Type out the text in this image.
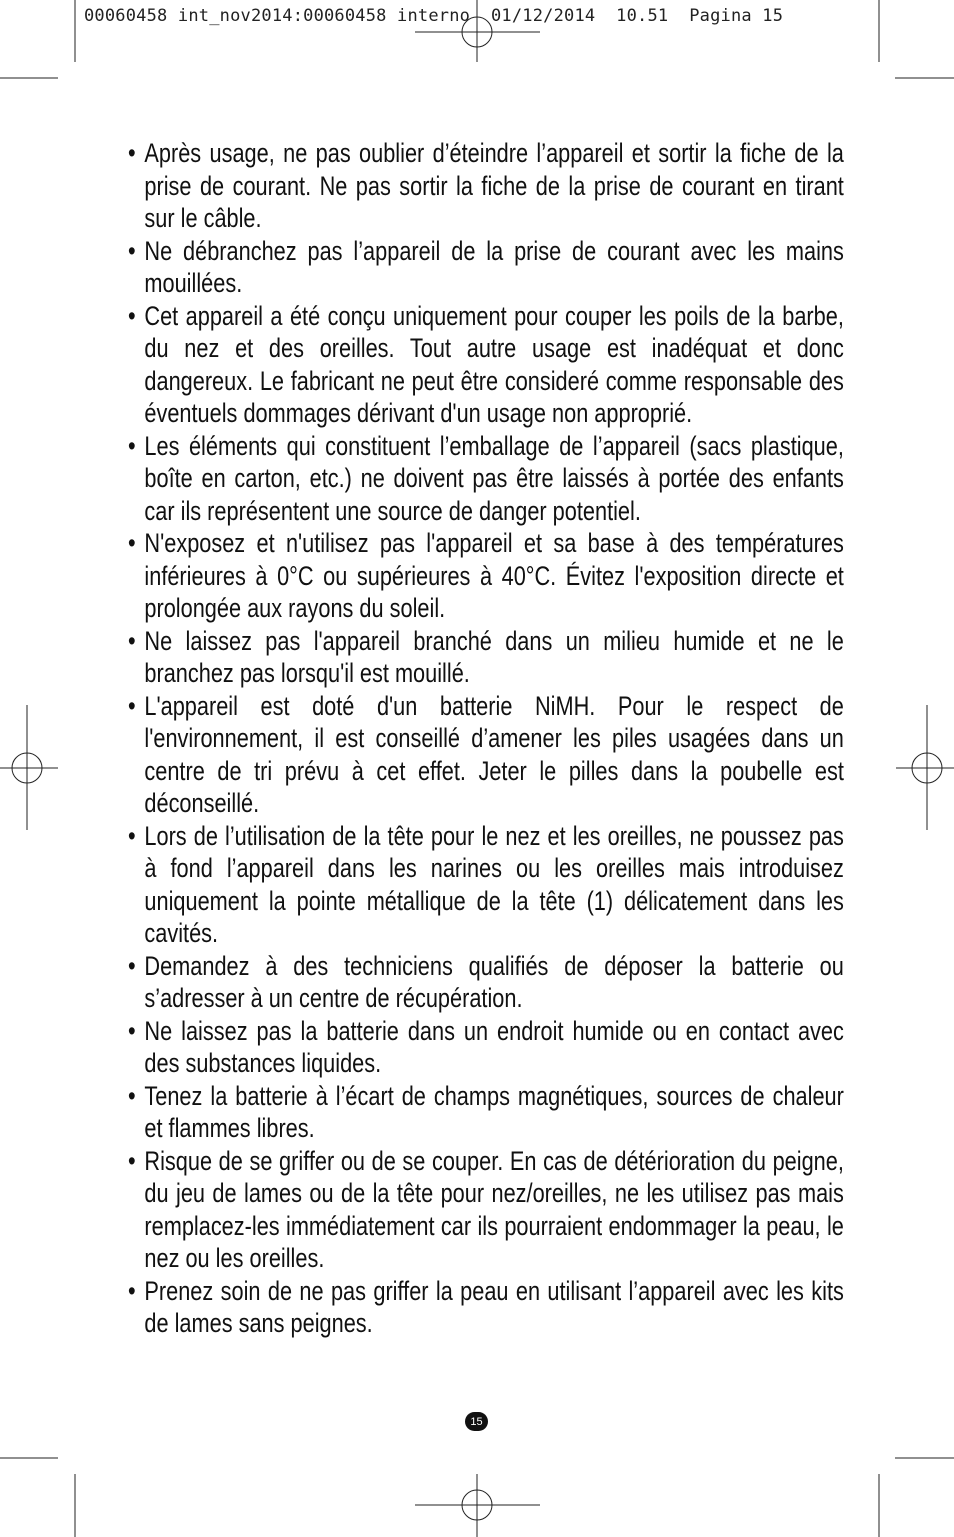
00060458 int_nov2014:00060458 interno  01/12/2014  10.51  Pagina 15
• Après usage, ne pas oublier d’éteindre l’appareil et sortir la fiche de la prise de courant. Ne pas sortir la fiche de la prise de courant en tirant sur le câble.
• Ne débranchez pas l’appareil de la prise de courant avec les mains mouillées.
• Cet appareil a été conçu uniquement pour couper les poils de la barbe, du nez et des oreilles. Tout autre usage est inadéquat et donc dangereux. Le fabricant ne peut être consideré comme responsable des éventuels dommages dérivant d'un usage non approprié.
• Les éléments qui constituent l’emballage de l’appareil (sacs plastique, boîte en carton, etc.) ne doivent pas être laissés à portée des enfants car ils représentent une source de danger potentiel.
• N'exposez et n'utilisez pas l'appareil et sa base à des températures inférieures à 0°C ou supérieures à 40°C. Évitez l'exposition directe et prolongée aux rayons du soleil.
• Ne laissez pas l'appareil branché dans un milieu humide et ne le branchez pas lorsqu'il est mouillé.
• L'appareil est doté d'un batterie NiMH. Pour le respect de l'environnement, il est conseillé d’amener les piles usagées dans un centre de tri prévu à cet effet. Jeter le pilles dans la poubelle est déconseillé.
• Lors de l’utilisation de la tête pour le nez et les oreilles, ne poussez pas à fond l’appareil dans les narines ou les oreilles mais introduisez uniquement la pointe métallique de la tête (1) délicatement dans les cavités.
• Demandez à des techniciens qualifiés de déposer la batterie ou s’adresser à un centre de récupération.
• Ne laissez pas la batterie dans un endroit humide ou en contact avec des substances liquides.
• Tenez la batterie à l’écart de champs magnétiques, sources de chaleur et flammes libres.
• Risque de se griffer ou de se couper. En cas de détérioration du peigne, du jeu de lames ou de la tête pour nez/oreilles, ne les utilisez pas mais remplacez-les immédiatement car ils pourraient endommager la peau, le nez ou les oreilles.
• Prenez soin de ne pas griffer la peau en utilisant l’appareil avec les kits de lames sans peignes.
15
